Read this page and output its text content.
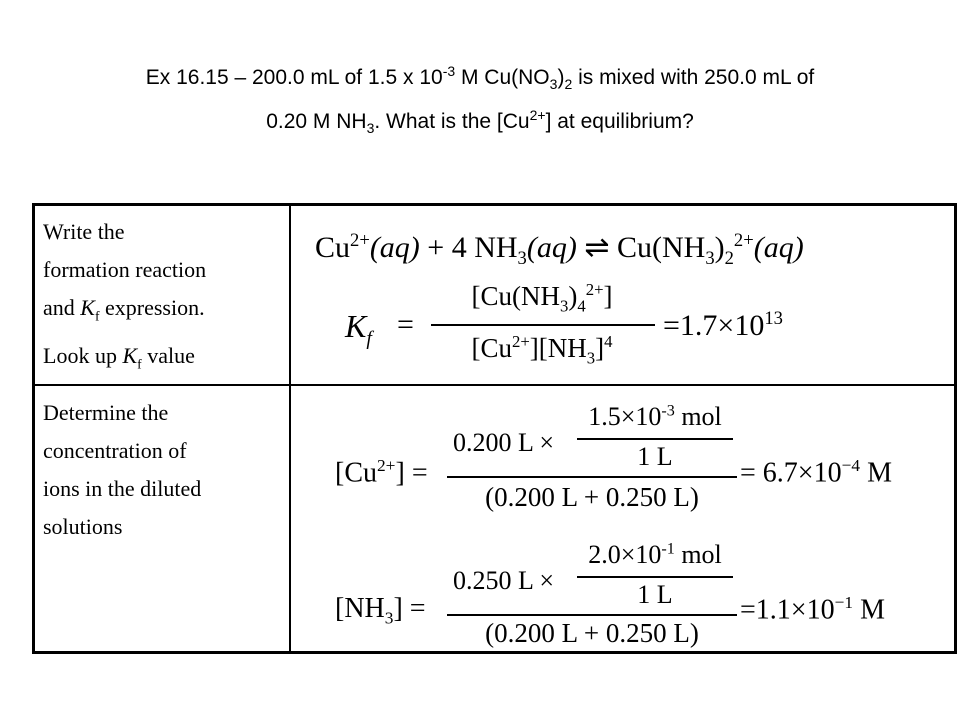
Ex 16.15 – 200.0 mL of 1.5 x $10^{-3}$ M $Cu(NO_3)_2$ is mixed with 250.0 mL of
0.20 M $NH_3$. What is the $[Cu^{2+}]$ at equilibrium?
Write the
formation reaction
and $K_f$ expression.
Look up $K_f$ value
$Cu^{2+}(aq) + 4$ $NH_3(aq)$ ⇌ $Cu(NH_3)_2^{2+}(aq)$
$K_f$ =
$[Cu(NH_3)_4^{2+}]$
$[Cu^{2+}][NH_3]^4$	$=1.7\times 10^{13}$
Determine the
concentration of
ions in the diluted
solutions
$[Cu^{2+}]$ =
0.200 L ×
$1.5\times 10^{-3}$ mol
1 L
(0.200 L + 0.250 L)
= $6.7\times 10^{-4}$ M
$[NH_3]$ =
0.250 L ×
$2.0\times 10^{-1}$ mol
1 L
(0.200 L + 0.250 L)
$=1.1\times 10^{-1}$ M
